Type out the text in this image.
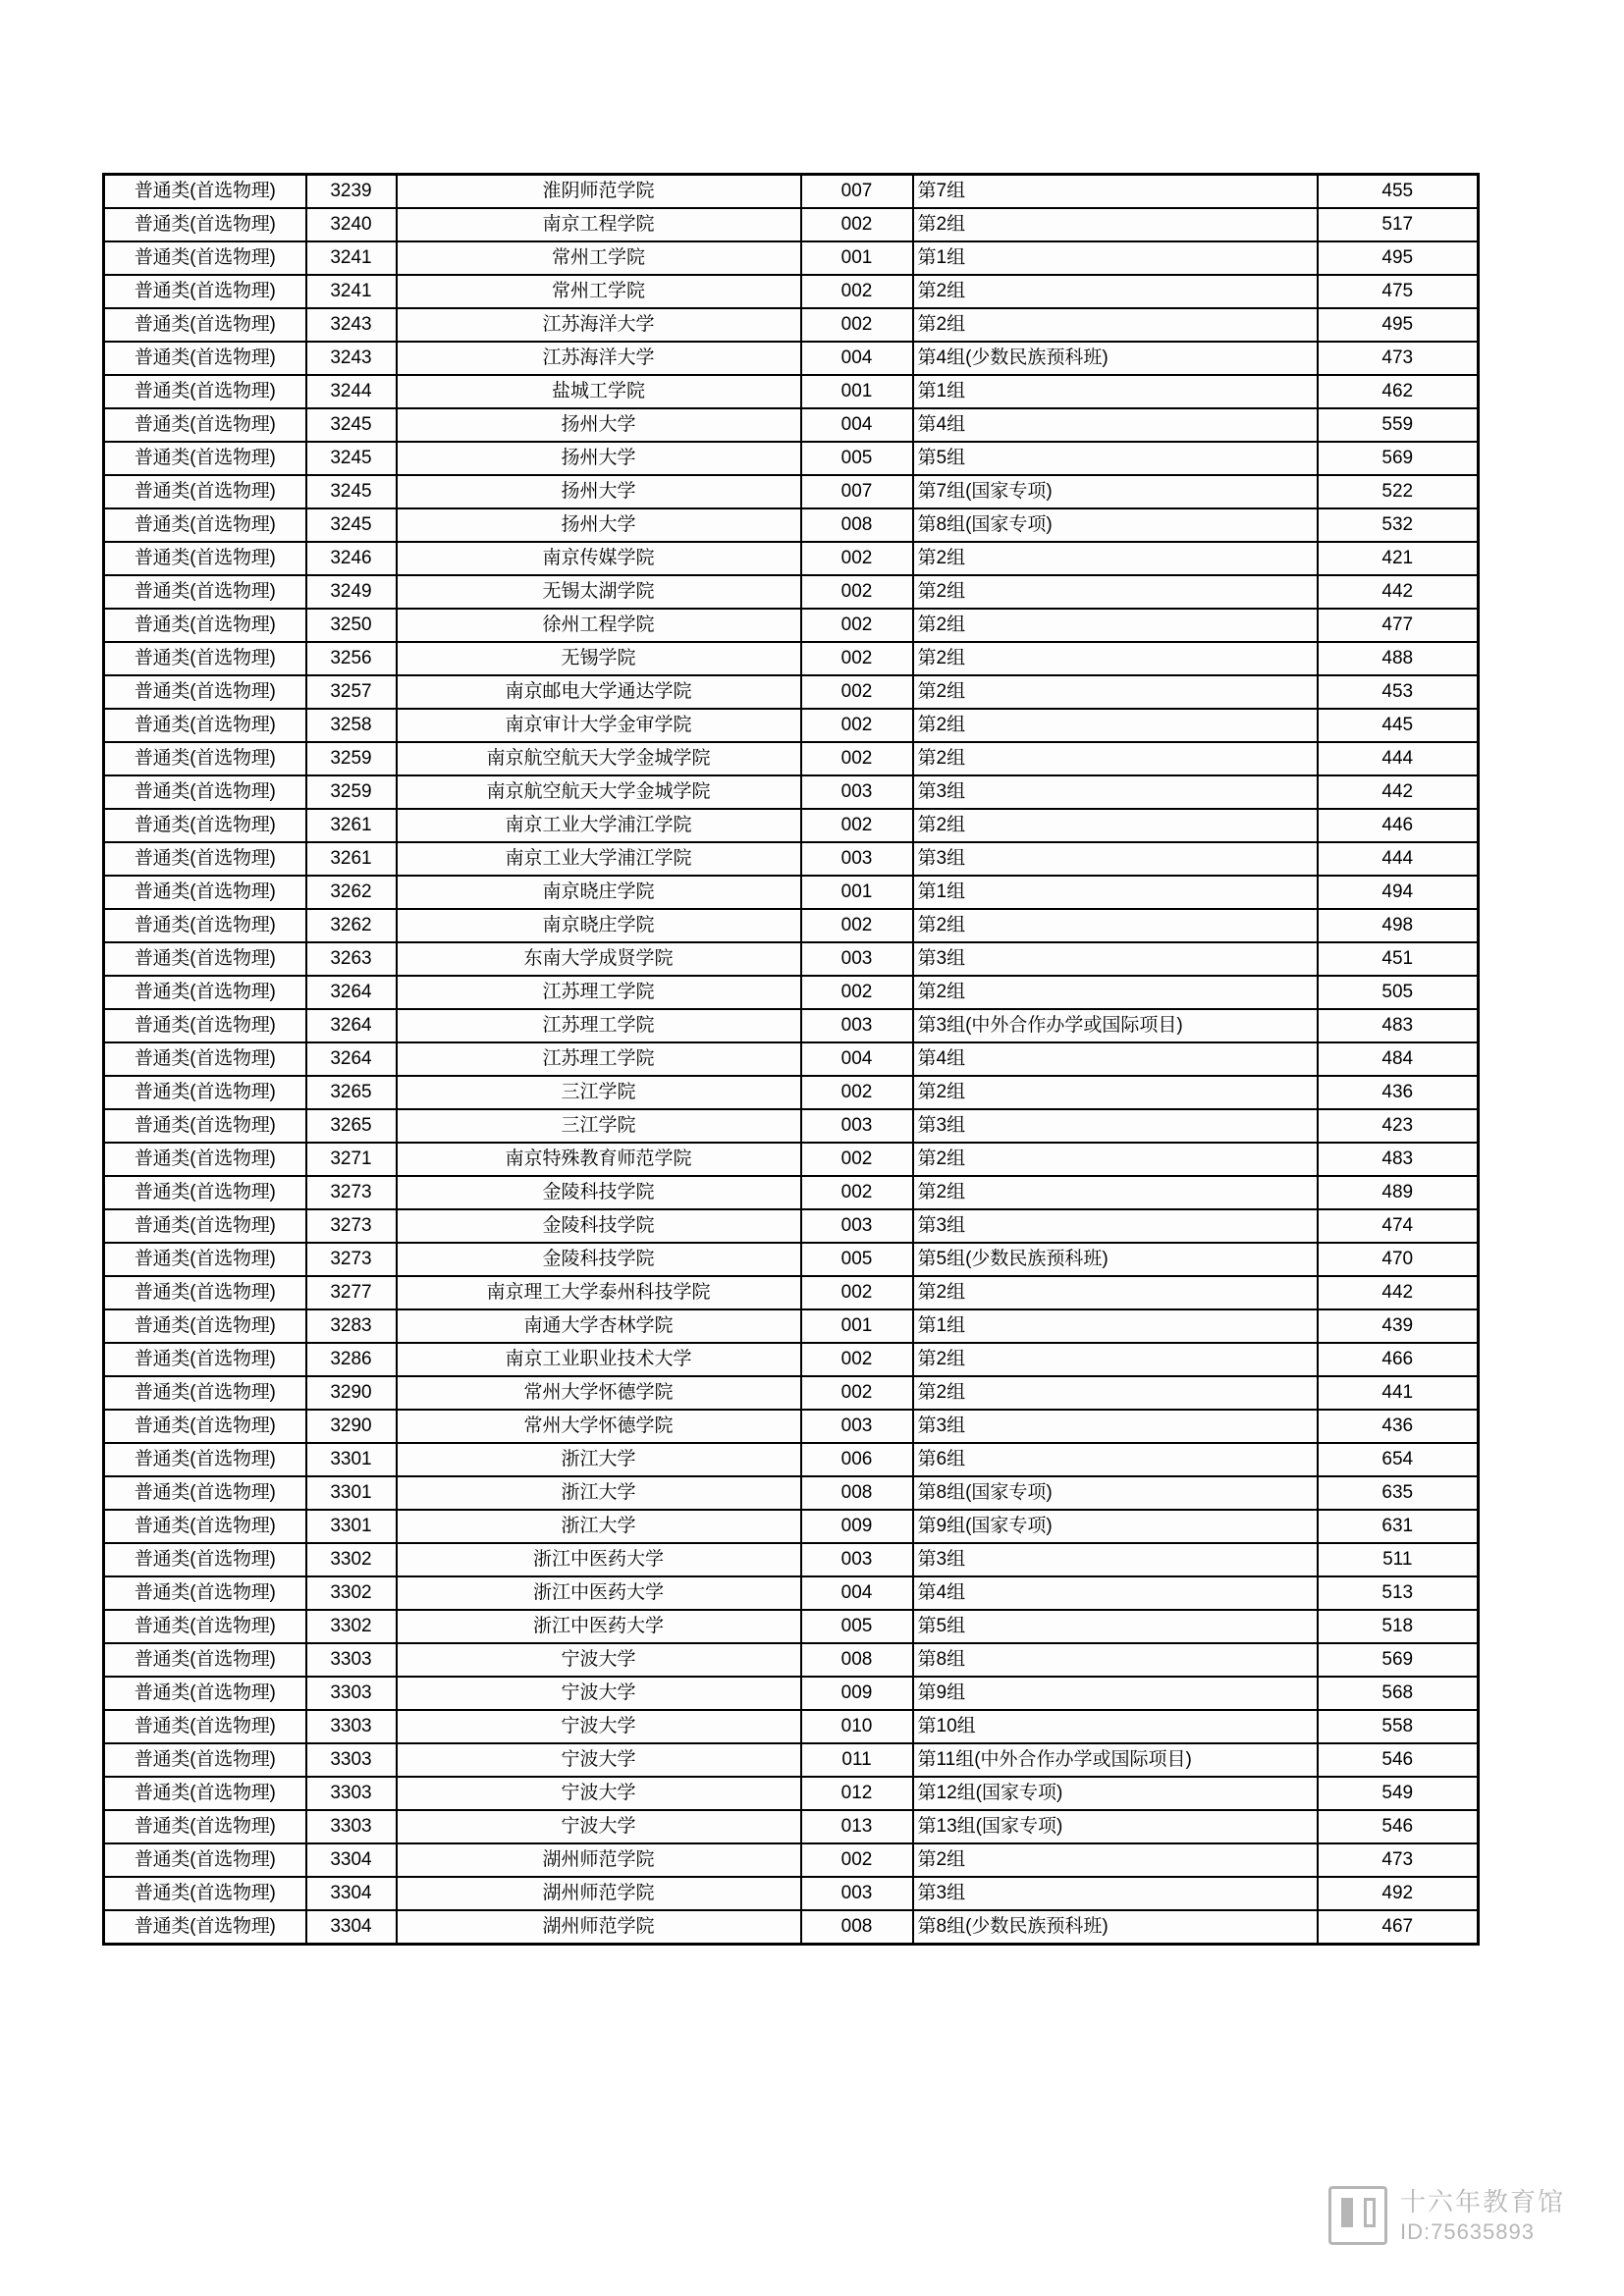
普通类(首选物理)	3239	淮阴师范学院	007	第7组	455
普通类(首选物理)	3240	南京工程学院	002	第2组	517
普通类(首选物理)	3241	常州工学院	001	第1组	495
普通类(首选物理)	3241	常州工学院	002	第2组	475
普通类(首选物理)	3243	江苏海洋大学	002	第2组	495
普通类(首选物理)	3243	江苏海洋大学	004	第4组(少数民族预科班)	473
普通类(首选物理)	3244	盐城工学院	001	第1组	462
普通类(首选物理)	3245	扬州大学	004	第4组	559
普通类(首选物理)	3245	扬州大学	005	第5组	569
普通类(首选物理)	3245	扬州大学	007	第7组(国家专项)	522
普通类(首选物理)	3245	扬州大学	008	第8组(国家专项)	532
普通类(首选物理)	3246	南京传媒学院	002	第2组	421
普通类(首选物理)	3249	无锡太湖学院	002	第2组	442
普通类(首选物理)	3250	徐州工程学院	002	第2组	477
普通类(首选物理)	3256	无锡学院	002	第2组	488
普通类(首选物理)	3257	南京邮电大学通达学院	002	第2组	453
普通类(首选物理)	3258	南京审计大学金审学院	002	第2组	445
普通类(首选物理)	3259	南京航空航天大学金城学院	002	第2组	444
普通类(首选物理)	3259	南京航空航天大学金城学院	003	第3组	442
普通类(首选物理)	3261	南京工业大学浦江学院	002	第2组	446
普通类(首选物理)	3261	南京工业大学浦江学院	003	第3组	444
普通类(首选物理)	3262	南京晓庄学院	001	第1组	494
普通类(首选物理)	3262	南京晓庄学院	002	第2组	498
普通类(首选物理)	3263	东南大学成贤学院	003	第3组	451
普通类(首选物理)	3264	江苏理工学院	002	第2组	505
普通类(首选物理)	3264	江苏理工学院	003	第3组(中外合作办学或国际项目)	483
普通类(首选物理)	3264	江苏理工学院	004	第4组	484
普通类(首选物理)	3265	三江学院	002	第2组	436
普通类(首选物理)	3265	三江学院	003	第3组	423
普通类(首选物理)	3271	南京特殊教育师范学院	002	第2组	483
普通类(首选物理)	3273	金陵科技学院	002	第2组	489
普通类(首选物理)	3273	金陵科技学院	003	第3组	474
普通类(首选物理)	3273	金陵科技学院	005	第5组(少数民族预科班)	470
普通类(首选物理)	3277	南京理工大学泰州科技学院	002	第2组	442
普通类(首选物理)	3283	南通大学杏林学院	001	第1组	439
普通类(首选物理)	3286	南京工业职业技术大学	002	第2组	466
普通类(首选物理)	3290	常州大学怀德学院	002	第2组	441
普通类(首选物理)	3290	常州大学怀德学院	003	第3组	436
普通类(首选物理)	3301	浙江大学	006	第6组	654
普通类(首选物理)	3301	浙江大学	008	第8组(国家专项)	635
普通类(首选物理)	3301	浙江大学	009	第9组(国家专项)	631
普通类(首选物理)	3302	浙江中医药大学	003	第3组	511
普通类(首选物理)	3302	浙江中医药大学	004	第4组	513
普通类(首选物理)	3302	浙江中医药大学	005	第5组	518
普通类(首选物理)	3303	宁波大学	008	第8组	569
普通类(首选物理)	3303	宁波大学	009	第9组	568
普通类(首选物理)	3303	宁波大学	010	第10组	558
普通类(首选物理)	3303	宁波大学	011	第11组(中外合作办学或国际项目)	546
普通类(首选物理)	3303	宁波大学	012	第12组(国家专项)	549
普通类(首选物理)	3303	宁波大学	013	第13组(国家专项)	546
普通类(首选物理)	3304	湖州师范学院	002	第2组	473
普通类(首选物理)	3304	湖州师范学院	003	第3组	492
普通类(首选物理)	3304	湖州师范学院	008	第8组(少数民族预科班)	467
十六年教育馆
ID:75635893
